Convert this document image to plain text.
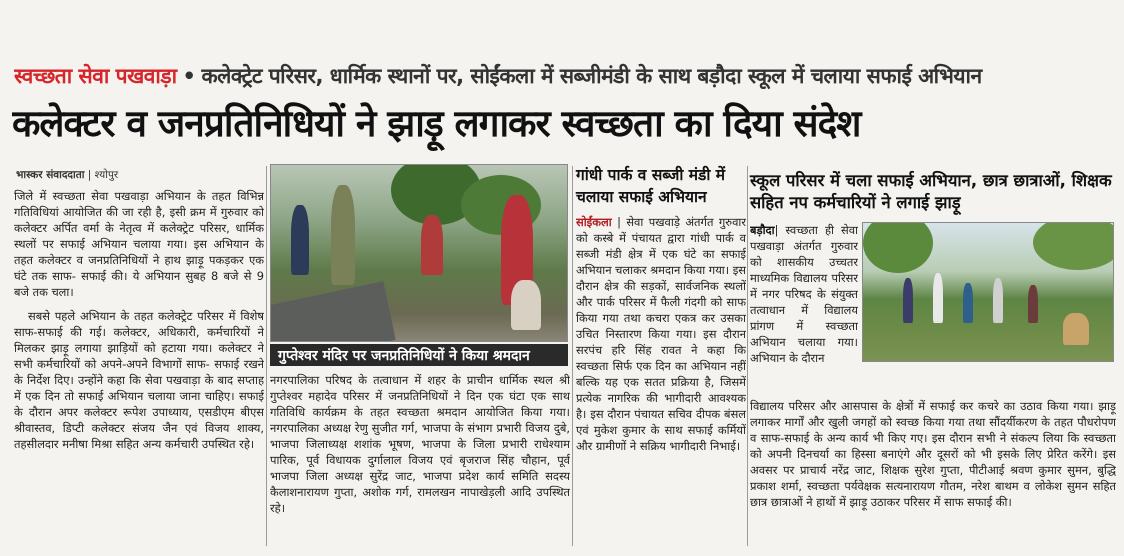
स्वच्छता सेवा पखवाड़ा • कलेक्ट्रेट परिसर, धार्मिक स्थानों पर, सोईंकला में सब्जीमंडी के साथ बड़ौदा स्कूल में चलाया सफाई अभियान
कलेक्टर व जनप्रतिनिधियों ने झाड़ू लगाकर स्वच्छता का दिया संदेश
भास्कर संवाददाता | श्योपुर

जिले में स्वच्छता सेवा पखवाड़ा अभियान के तहत विभिन्न गतिविधियां आयोजित की जा रही है, इसी क्रम में गुरुवार को कलेक्टर अर्पित वर्मा के नेतृत्व में कलेक्ट्रेट परिसर, धार्मिक स्थलों पर सफाई अभियान चलाया गया। इस अभियान के तहत कलेक्टर व जनप्रतिनिधियों ने हाथ झाड़ू पकड़कर एक घंटे तक साफ- सफाई की। ये अभियान सुबह 8 बजे से 9 बजे तक चला।

सबसे पहले अभियान के तहत कलेक्ट्रेट परिसर में विशेष साफ-सफाई की गई। कलेक्टर, अधिकारी, कर्मचारियों ने मिलकर झाड़ू लगाया झाड़ियों को हटाया गया। कलेक्टर ने सभी कर्मचारियों को अपने-अपने विभागों साफ- सफाई रखने के निर्देश दिए। उन्होंने कहा कि सेवा पखवाड़ा के बाद सप्ताह में एक दिन तो सफाई अभियान चलाया जाना चाहिए। सफाई के दौरान अपर कलेक्टर रूपेश उपाध्याय, एसडीएम बीएस श्रीवास्तव, डिप्टी कलेक्टर संजय जैन एवं विजय शाक्य, तहसीलदार मनीषा मिश्रा सहित अन्य कर्मचारी उपस्थित रहे।

गुप्तेश्वर मंदिर पर जनप्रतिनिधियों ने किया श्रमदान

नगरपालिका परिषद के तत्वाधान में शहर के प्राचीन धार्मिक स्थल श्री गुप्तेश्वर महादेव परिसर में जनप्रतिनिधियों ने दिन एक घंटा एक साथ गतिविधि कार्यक्रम के तहत स्वच्छता श्रमदान आयोजित किया गया। नगरपालिका अध्यक्ष रेणु सुजीत गर्ग, भाजपा के संभाग प्रभारी विजय दुबे, भाजपा जिलाध्यक्ष शशांक भूषण, भाजपा के जिला प्रभारी राधेश्याम पारिक, पूर्व विधायक दुर्गालाल विजय एवं बृजराज सिंह चौहान, पूर्व भाजपा जिला अध्यक्ष सुरेंद्र जाट, भाजपा प्रदेश कार्य समिति सदस्य कैलाशनारायण गुप्ता, अशोक गर्ग, रामलखन नापाखेड़ली आदि उपस्थित रहे।

गांधी पार्क व सब्जी मंडी में चलाया सफाई अभियान

सोईंकला | सेवा पखवाड़े अंतर्गत गुरुवार को कस्बे में पंचायत द्वारा गांधी पार्क व सब्जी मंडी क्षेत्र में एक घंटे का सफाई अभियान चलाकर श्रमदान किया गया। इस दौरान क्षेत्र की सड़कों, सार्वजनिक स्थलों और पार्क परिसर में फैली गंदगी को साफ किया गया तथा कचरा एकत्र कर उसका उचित निस्तारण किया गया। इस दौरान सरपंच हरि सिंह रावत ने कहा कि स्वच्छता सिर्फ एक दिन का अभियान नहीं बल्कि यह एक सतत प्रक्रिया है, जिसमें प्रत्येक नागरिक की भागीदारी आवश्यक है। इस दौरान पंचायत सचिव दीपक बंसल एवं मुकेश कुमार के साथ सफाई कर्मियों और ग्रामीणों ने सक्रिय भागीदारी निभाई।

स्कूल परिसर में चला सफाई अभियान, छात्र छात्राओं, शिक्षक सहित नप कर्मचारियों ने लगाई झाड़ू

बड़ौदा| स्वच्छता ही सेवा पखवाड़ा अंतर्गत गुरुवार को शासकीय उच्चतर माध्यमिक विद्यालय परिसर में नगर परिषद के संयुक्त तत्वाधान में विद्यालय प्रांगण में स्वच्छता अभियान चलाया गया। अभियान के दौरान

विद्यालय परिसर और आसपास के क्षेत्रों में सफाई कर कचरे का उठाव किया गया। झाड़ू लगाकर मार्गों और खुली जगहों को स्वच्छ किया गया तथा सौंदर्यीकरण के तहत पौधरोपण व साफ-सफाई के अन्य कार्य भी किए गए। इस दौरान सभी ने संकल्प लिया कि स्वच्छता को अपनी दिनचर्या का हिस्सा बनाएंगे और दूसरों को भी इसके लिए प्रेरित करेंगे। इस अवसर पर प्राचार्य नरेंद्र जाट, शिक्षक सुरेश गुप्ता, पीटीआई श्रवण कुमार सुमन, बुद्धि प्रकाश शर्मा, स्वच्छता पर्यवेक्षक सत्यनारायण गौतम, नरेश बाथम व लोकेश सुमन सहित छात्र छात्राओं ने हाथों में झाड़ू उठाकर परिसर में साफ सफाई की।
